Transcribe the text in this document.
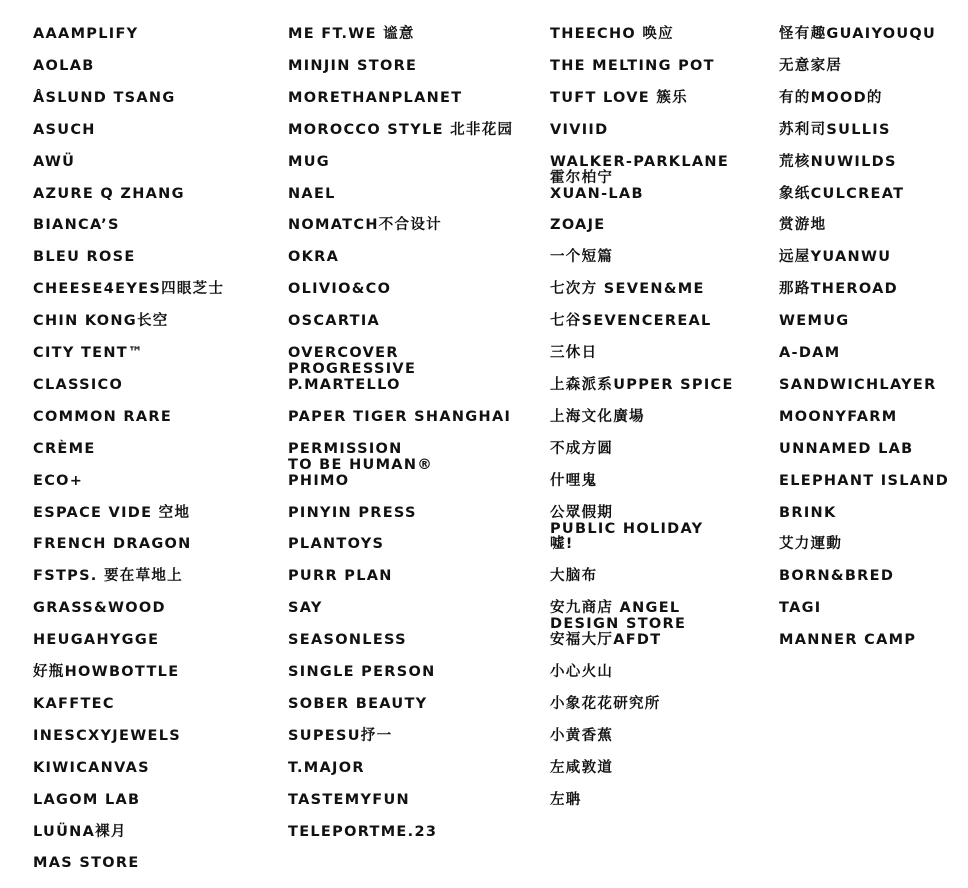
AAAMPLIFY
AOLAB
ÅSLUND TSANG
ASUCH
AWÜ
AZURE Q ZHANG
BIANCA’S
BLEU ROSE
CHEESE4EYES四眼芝士
CHIN KONG长空
CITY TENT™
CLASSICO
COMMON RARE
CRÈME
ECO+
ESPACE VIDE 空地
FRENCH DRAGON
FSTPS. 要在草地上
GRASS&WOOD
HEUGAHYGGE
好瓶HOWBOTTLE
KAFFTEC
INESCXYJEWELS
KIWICANVAS
LAGOM LAB
LUÜNA裸月
MAS STORE
ME FT.WE 谧意
MINJIN STORE
MORETHANPLANET
MOROCCO STYLE 北非花园
MUG
NAEL
NOMATCH不合设计
OKRA
OLIVIO&CO
OSCARTIA
OVERCOVER
PROGRESSIVE
P.MARTELLO
PAPER TIGER SHANGHAI
PERMISSION
TO BE HUMAN®
PHIMO
PINYIN PRESS
PLANTOYS
PURR PLAN
SAY
SEASONLESS
SINGLE PERSON
SOBER BEAUTY
SUPESU抒一
T.MAJOR
TASTEMYFUN
TELEPORTME.23
THEECHO 唤应
THE MELTING POT
TUFT LOVE 簇乐
VIVIID
WALKER-PARKLANE
霍尔柏宁
XUAN-LAB
ZOAJE
一个短篇
七次方 SEVEN&ME
七谷SEVENCEREAL
三休日
上森派系UPPER SPICE
上海文化廣場
不成方圆
什哩鬼
公眾假期
PUBLIC HOLIDAY
嘘!
大脑布
安九商店 ANGEL
DESIGN STORE
安福大厅AFDT
小心火山
小象花花研究所
小黄香蕉
左咸敦道
左聃
怪有趣GUAIYOUQU
无意家居
有的MOOD的
苏利司SULLIS
荒核NUWILDS
象纸CULCREAT
赏游地
远屋YUANWU
那路THEROAD
WEMUG
A-DAM
SANDWICHLAYER
MOONYFARM
UNNAMED LAB
ELEPHANT ISLAND
BRINK
艾力運動
BORN&BRED
TAGI
MANNER CAMP
